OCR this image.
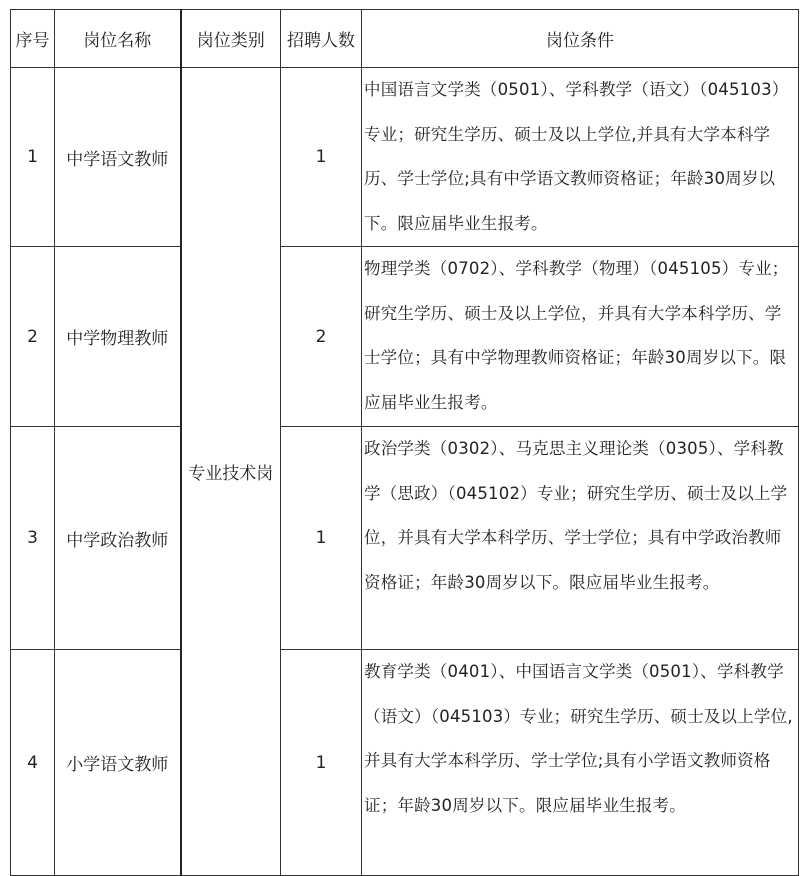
序号	岗位名称	岗位类别	招聘人数	岗位条件
1	中学语文教师	专业技术岗	1	中国语言文学类（0501）、学科教学（语文）（045103）专业；研究生学历、硕士及以上学位,并具有大学本科学历、学士学位;具有中学语文教师资格证；年龄30周岁以下。限应届毕业生报考。
2	中学物理教师		2	物理学类（0702）、学科教学（物理）（045105）专业；研究生学历、硕士及以上学位，并具有大学本科学历、学士学位；具有中学物理教师资格证；年龄30周岁以下。限应届毕业生报考。
3	中学政治教师		1	政治学类（0302）、马克思主义理论类（0305）、学科教学（思政）（045102）专业；研究生学历、硕士及以上学位，并具有大学本科学历、学士学位；具有中学政治教师资格证；年龄30周岁以下。限应届毕业生报考。
4	小学语文教师		1	教育学类（0401）、中国语言文学类（0501）、学科教学（语文）（045103）专业；研究生学历、硕士及以上学位,并具有大学本科学历、学士学位;具有小学语文教师资格证；年龄30周岁以下。限应届毕业生报考。
